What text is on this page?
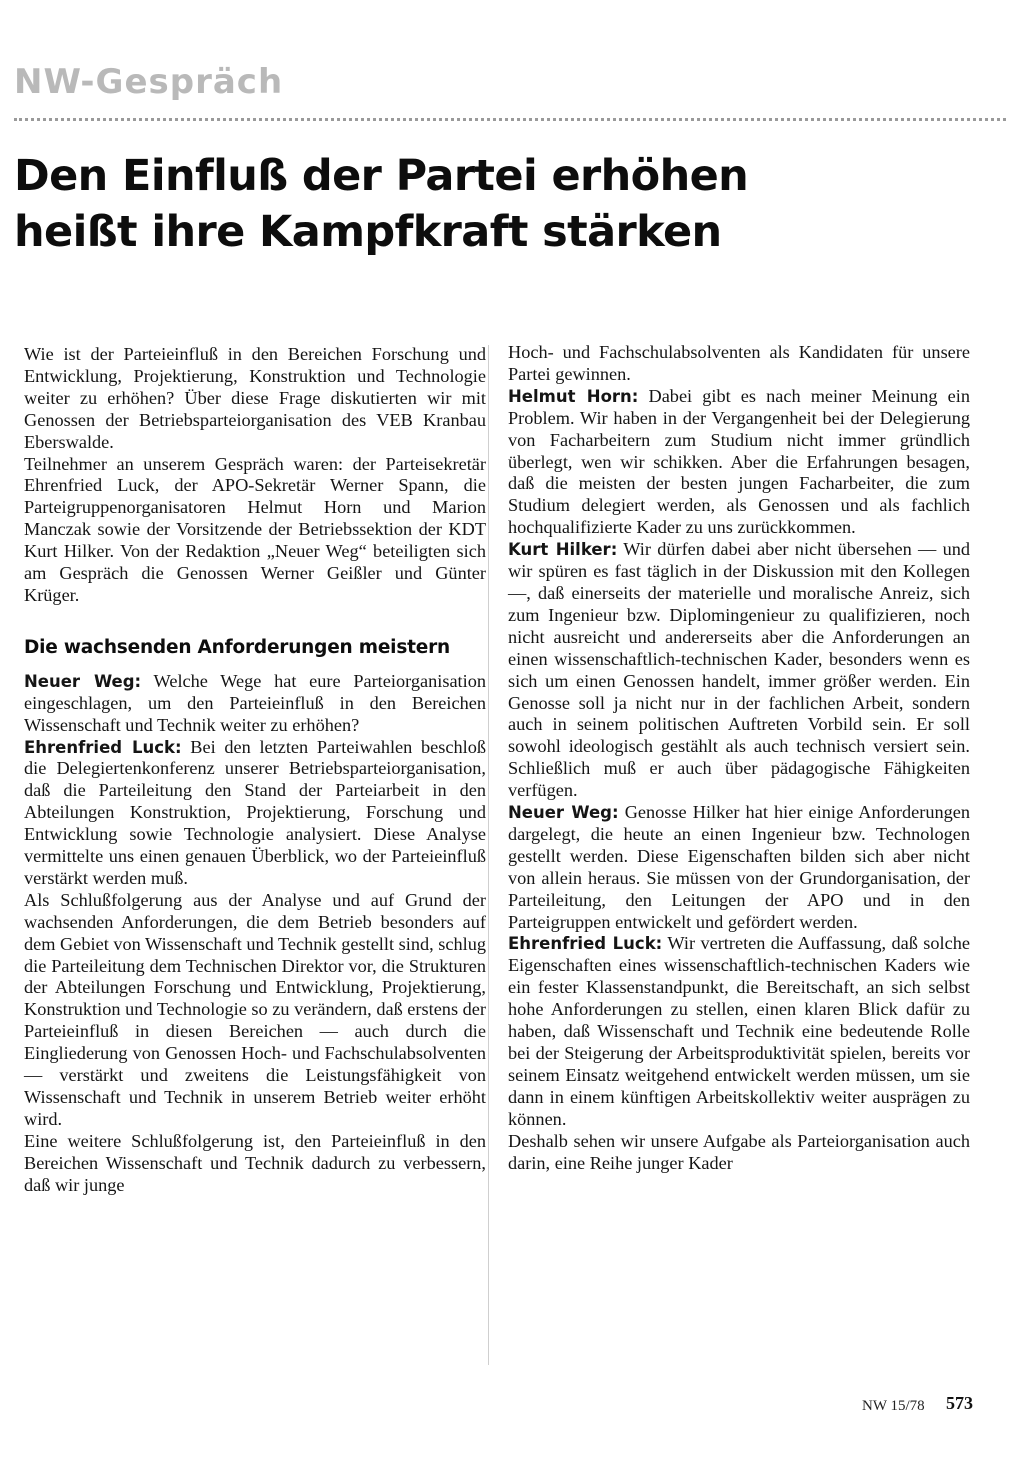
NW-Gespräch
Den Einfluß der Partei erhöhen
heißt ihre Kampfkraft stärken

Wie ist der Parteieinfluß in den Bereichen Forschung und Entwicklung, Projektierung, Konstruktion und Technologie weiter zu erhöhen? Über diese Frage diskutierten wir mit Genossen der Betriebsparteiorganisation des VEB Kranbau Eberswalde.

Teilnehmer an unserem Gespräch waren: der Parteisekretär Ehrenfried Luck, der APO-Sekretär Werner Spann, die Parteigruppenorganisatoren Helmut Horn und Marion Manczak sowie der Vorsitzende der Betriebssektion der KDT Kurt Hilker. Von der Redaktion „Neuer Weg“ beteiligten sich am Gespräch die Genossen Werner Geißler und Günter Krüger.

Die wachsenden Anforderungen meistern

Neuer Weg: Welche Wege hat eure Parteiorganisation eingeschlagen, um den Parteieinfluß in den Bereichen Wissenschaft und Technik weiter zu erhöhen?

Ehrenfried Luck: Bei den letzten Parteiwahlen beschloß die Delegiertenkonferenz unserer Betriebsparteiorganisation, daß die Parteileitung den Stand der Parteiarbeit in den Abteilungen Konstruktion, Projektierung, Forschung und Entwicklung sowie Technologie analysiert. Diese Analyse vermittelte uns einen genauen Überblick, wo der Parteieinfluß verstärkt werden muß.

Als Schlußfolgerung aus der Analyse und auf Grund der wachsenden Anforderungen, die dem Betrieb besonders auf dem Gebiet von Wissenschaft und Technik gestellt sind, schlug die Parteileitung dem Technischen Direktor vor, die Strukturen der Abteilungen Forschung und Entwicklung, Projektierung, Konstruktion und Technologie so zu verändern, daß erstens der Parteieinfluß in diesen Bereichen — auch durch die Eingliederung von Genossen Hoch- und Fachschulabsolventen — verstärkt und zweitens die Leistungsfähigkeit von Wissenschaft und Technik in unserem Betrieb weiter erhöht wird.

Eine weitere Schlußfolgerung ist, den Parteieinfluß in den Bereichen Wissenschaft und Technik dadurch zu verbessern, daß wir junge

Hoch- und Fachschulabsolventen als Kandidaten für unsere Partei gewinnen.

Helmut Horn: Dabei gibt es nach meiner Meinung ein Problem. Wir haben in der Vergangenheit bei der Delegierung von Facharbeitern zum Studium nicht immer gründlich überlegt, wen wir schikken. Aber die Erfahrungen besagen, daß die meisten der besten jungen Facharbeiter, die zum Studium delegiert werden, als Genossen und als fachlich hochqualifizierte Kader zu uns zurückkommen.

Kurt Hilker: Wir dürfen dabei aber nicht übersehen — und wir spüren es fast täglich in der Diskussion mit den Kollegen —, daß einerseits der materielle und moralische Anreiz, sich zum Ingenieur bzw. Diplomingenieur zu qualifizieren, noch nicht ausreicht und andererseits aber die Anforderungen an einen wissenschaftlich-technischen Kader, besonders wenn es sich um einen Genossen handelt, immer größer werden. Ein Genosse soll ja nicht nur in der fachlichen Arbeit, sondern auch in seinem politischen Auftreten Vorbild sein. Er soll sowohl ideologisch gestählt als auch technisch versiert sein. Schließlich muß er auch über pädagogische Fähigkeiten verfügen.

Neuer Weg: Genosse Hilker hat hier einige Anforderungen dargelegt, die heute an einen Ingenieur bzw. Technologen gestellt werden. Diese Eigenschaften bilden sich aber nicht von allein heraus. Sie müssen von der Grundorganisation, der Parteileitung, den Leitungen der APO und in den Parteigruppen entwickelt und gefördert werden.

Ehrenfried Luck: Wir vertreten die Auffassung, daß solche Eigenschaften eines wissenschaftlich-technischen Kaders wie ein fester Klassenstandpunkt, die Bereitschaft, an sich selbst hohe Anforderungen zu stellen, einen klaren Blick dafür zu haben, daß Wissenschaft und Technik eine bedeutende Rolle bei der Steigerung der Arbeitsproduktivität spielen, bereits vor seinem Einsatz weitgehend entwickelt werden müssen, um sie dann in einem künftigen Arbeitskollektiv weiter ausprägen zu können.

Deshalb sehen wir unsere Aufgabe als Parteiorganisation auch darin, eine Reihe junger Kader

NW 15/78 573
